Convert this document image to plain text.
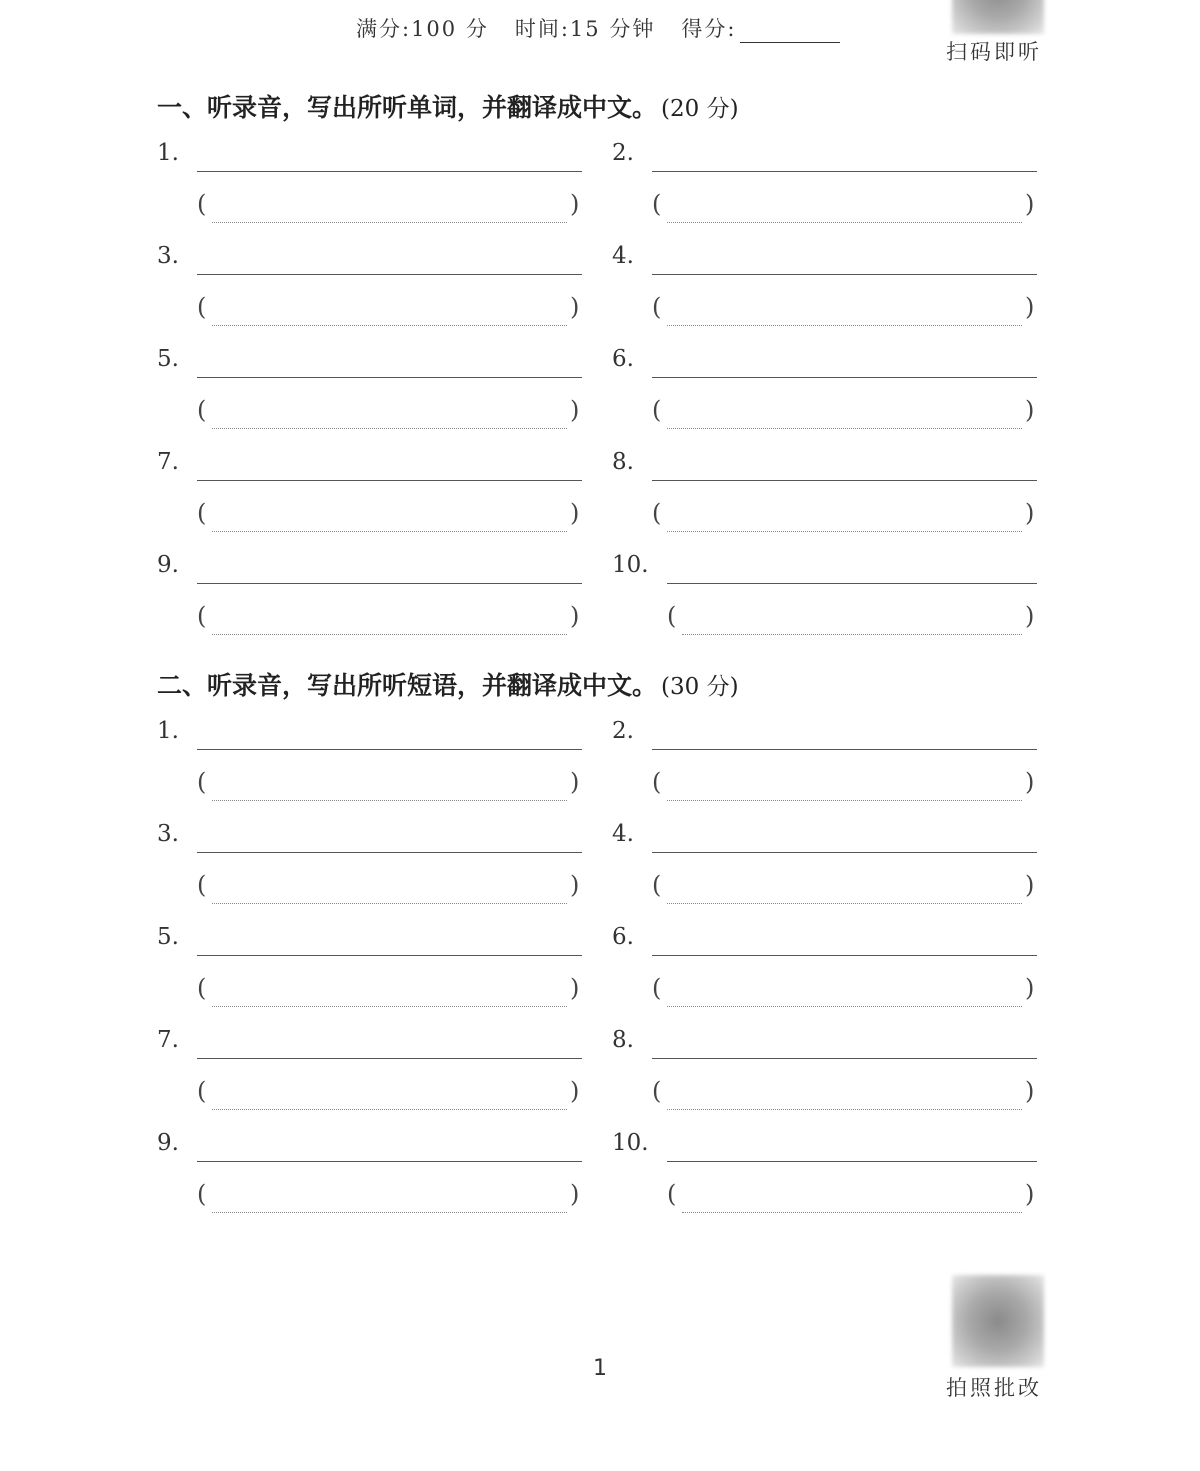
满分:100 分 时间:15 分钟 得分:
扫码即听
一、听录音，写出所听单词，并翻译成中文。 (20 分)
1.
(	)
2.
(	)
3.
(	)
4.
(	)
5.
(	)
6.
(	)
7.
(	)
8.
(	)
9.
(	)
10.
(	)
二、听录音，写出所听短语，并翻译成中文。 (30 分)
1.
(	)
2.
(	)
3.
(	)
4.
(	)
5.
(	)
6.
(	)
7.
(	)
8.
(	)
9.
(	)
10.
(	)
拍照批改
1
